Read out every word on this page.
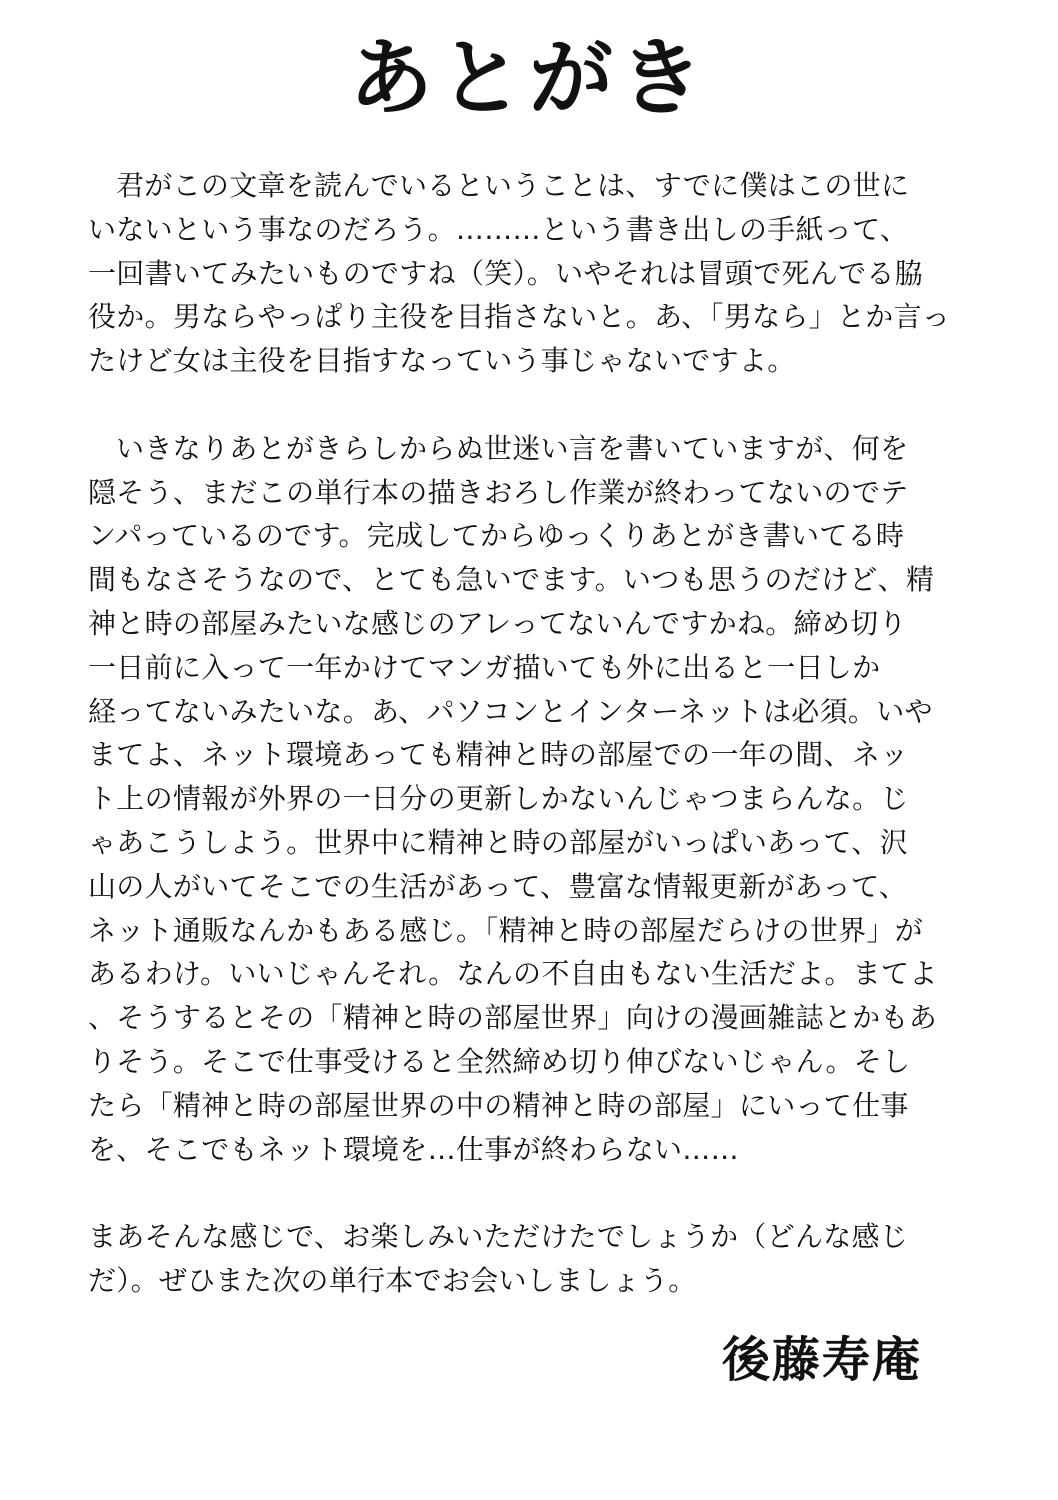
あとがき

君がこの文章を読んでいるということは、すでに僕はこの世に
いないという事なのだろう。………という書き出しの手紙って、
一回書いてみたいものですね（笑）。いやそれは冒頭で死んでる脇
役か。男ならやっぱり主役を目指さないと。あ、「男なら」とか言っ
たけど女は主役を目指すなっていう事じゃないですよ。

いきなりあとがきらしからぬ世迷い言を書いていますが、何を
隠そう、まだこの単行本の描きおろし作業が終わってないのでテ
ンパっているのです。完成してからゆっくりあとがき書いてる時
間もなさそうなので、とても急いでます。いつも思うのだけど、精
神と時の部屋みたいな感じのアレってないんですかね。締め切り
一日前に入って一年かけてマンガ描いても外に出ると一日しか
経ってないみたいな。あ、パソコンとインターネットは必須。いや
まてよ、ネット環境あっても精神と時の部屋での一年の間、ネッ
ト上の情報が外界の一日分の更新しかないんじゃつまらんな。じ
ゃあこうしよう。世界中に精神と時の部屋がいっぱいあって、沢
山の人がいてそこでの生活があって、豊富な情報更新があって、
ネット通販なんかもある感じ。「精神と時の部屋だらけの世界」が
あるわけ。いいじゃんそれ。なんの不自由もない生活だよ。まてよ
、そうするとその「精神と時の部屋世界」向けの漫画雑誌とかもあ
りそう。そこで仕事受けると全然締め切り伸びないじゃん。そし
たら「精神と時の部屋世界の中の精神と時の部屋」にいって仕事
を、そこでもネット環境を…仕事が終わらない……

まあそんな感じで、お楽しみいただけたでしょうか（どんな感じ
だ）。ぜひまた次の単行本でお会いしましょう。

後藤寿庵
